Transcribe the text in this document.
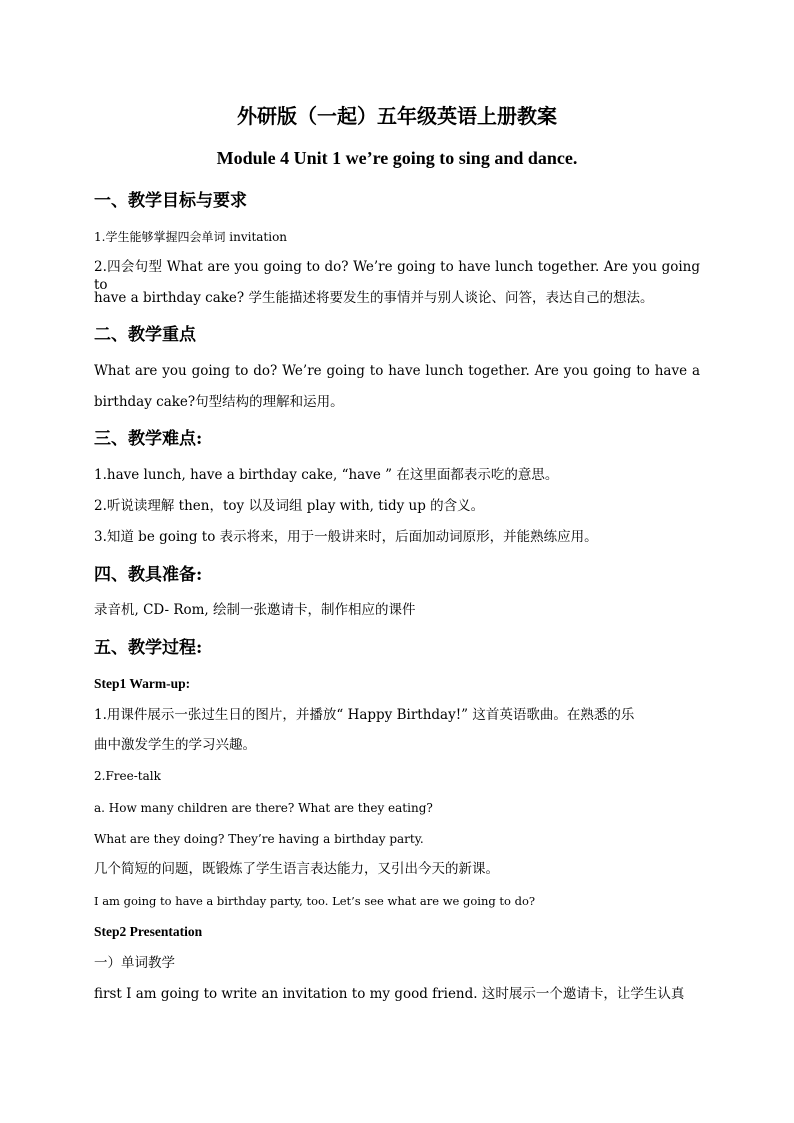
外研版（一起）五年级英语上册教案
Module 4 Unit 1 we’re going to sing and dance.
一、教学目标与要求
1.学生能够掌握四会单词 invitation
2.四会句型 What are you going to do? We’re going to have lunch together. Are you going to
have a birthday cake? 学生能描述将要发生的事情并与别人谈论、问答，表达自己的想法。
二、教学重点
What are you going to do? We’re going to have lunch together. Are you going to have a
birthday cake?句型结构的理解和运用。
三、教学难点:
1.have lunch, have a birthday cake, “have ” 在这里面都表示吃的意思。
2.听说读理解 then，toy 以及词组 play with, tidy up 的含义。
3.知道 be going to 表示将来，用于一般讲来时，后面加动词原形，并能熟练应用。
四、教具准备:
录音机, CD- Rom, 绘制一张邀请卡，制作相应的课件
五、教学过程:
Step1 Warm-up:
1.用课件展示一张过生日的图片，并播放“ Happy Birthday!” 这首英语歌曲。在熟悉的乐
曲中激发学生的学习兴趣。
2.Free-talk
a. How many children are there? What are they eating?
What are they doing? They’re having a birthday party.
几个简短的问题，既锻炼了学生语言表达能力，又引出今天的新课。
I am going to have a birthday party, too. Let’s see what are we going to do?
Step2 Presentation
一）单词教学
first I am going to write an invitation to my good friend. 这时展示一个邀请卡，让学生认真
